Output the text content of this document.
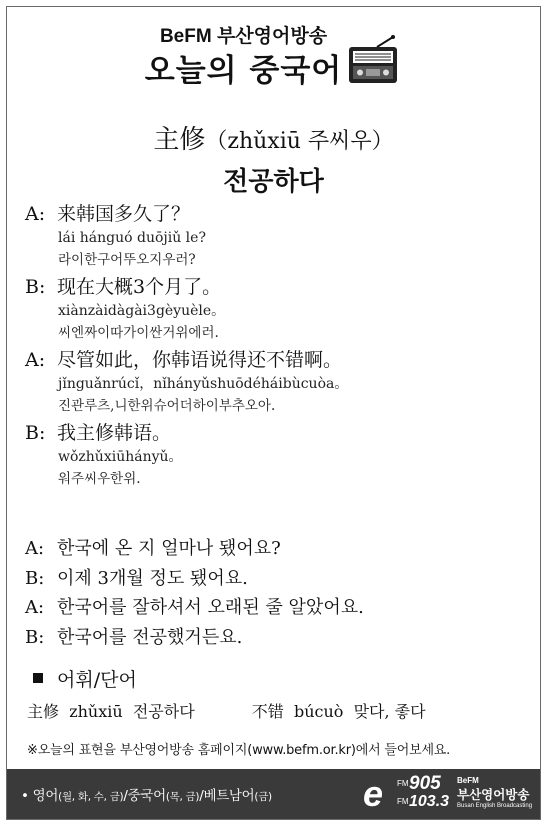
BeFM 부산영어방송
오늘의 중국어
主修（zhǔxiū 주씨우）
전공하다
A: 来韩国多久了？
lái hánguó duōjiǔ le?
라이한구어뚜오지우러?
B: 现在大概3个月了。
xiànzàidàgài3gèyuèle。
씨엔짜이따가이싼거위에러.
A: 尽管如此，你韩语说得还不错啊。
jǐnguǎnrúcǐ，nǐhányǔshuōdéháibùcuòa。
진관루츠,니한위슈어더하이부추오아.
B: 我主修韩语。
wǒzhǔxiūhányǔ。
워주씨우한위.
A: 한국에 온 지 얼마나 됐어요?
B: 이제 3개월 정도 됐어요.
A: 한국어를 잘하셔서 오래된 줄 알았어요.
B: 한국어를 전공했거든요.
어휘/단어
主修 zhǔxiū 전공하다	不错 búcuò 맞다, 좋다
※오늘의 표현을 부산영어방송 홈페이지(www.befm.or.kr)에서 들어보세요.
• 영어(월, 화, 수, 금)/중국어(목, 금)/베트남어(금)	e FM 905
FM 103.3
BeFM
부산영어방송
Busan English Broadcasting
